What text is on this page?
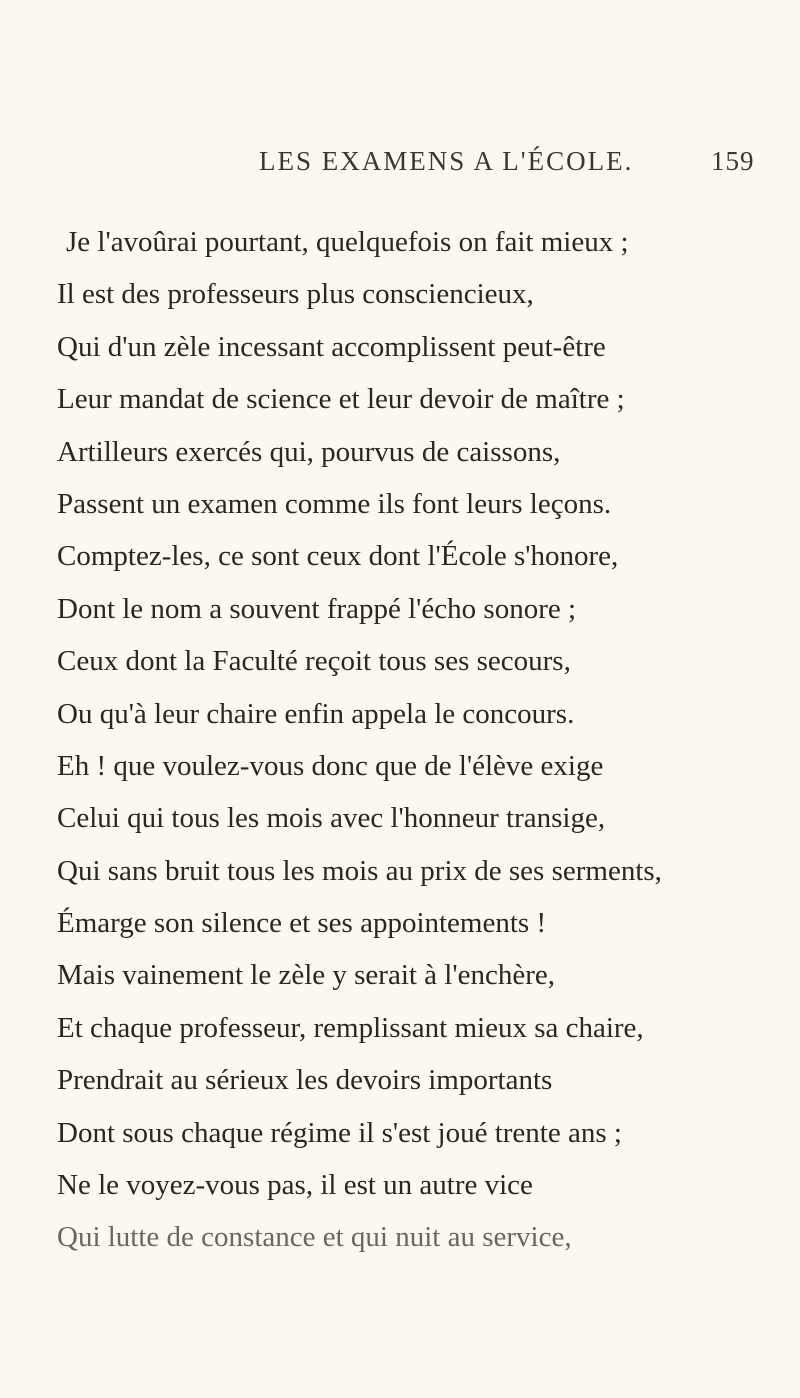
LES EXAMENS A L'ÉCOLE.	159
Je l'avoûrai pourtant, quelquefois on fait mieux ;
Il est des professeurs plus consciencieux,
Qui d'un zèle incessant accomplissent peut-être
Leur mandat de science et leur devoir de maître ;
Artilleurs exercés qui, pourvus de caissons,
Passent un examen comme ils font leurs leçons.
Comptez-les, ce sont ceux dont l'École s'honore,
Dont le nom a souvent frappé l'écho sonore ;
Ceux dont la Faculté reçoit tous ses secours,
Ou qu'à leur chaire enfin appela le concours.
Eh ! que voulez-vous donc que de l'élève exige
Celui qui tous les mois avec l'honneur transige,
Qui sans bruit tous les mois au prix de ses serments,
Émarge son silence et ses appointements !
Mais vainement le zèle y serait à l'enchère,
Et chaque professeur, remplissant mieux sa chaire,
Prendrait au sérieux les devoirs importants
Dont sous chaque régime il s'est joué trente ans ;
Ne le voyez-vous pas, il est un autre vice
Qui lutte de constance et qui nuit au service,
